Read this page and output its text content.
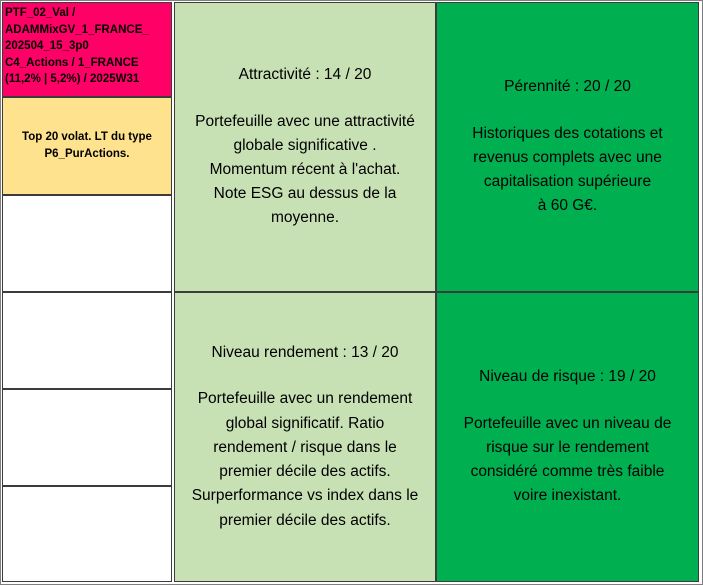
PTF_02_Val /
ADAMMixGV_1_FRANCE_
202504_15_3p0
C4_Actions / 1_FRANCE
(11,2% | 5,2%) / 2025W31
Top 20 volat. LT du type
P6_PurActions.
Attractivité : 14 / 20
Portefeuille avec une attractivité
globale significative .
Momentum récent à l'achat.
Note ESG au dessus de la
moyenne.
Pérennité : 20 / 20
Historiques des cotations et
revenus complets avec une
capitalisation supérieure
à 60 G€.
Niveau rendement : 13 / 20
Portefeuille avec un rendement
global significatif. Ratio
rendement / risque dans le
premier décile des actifs.
Surperformance vs index dans le
premier décile des actifs.
Niveau de risque : 19 / 20
Portefeuille avec un niveau de
risque sur le rendement
considéré comme très faible
voire inexistant.
